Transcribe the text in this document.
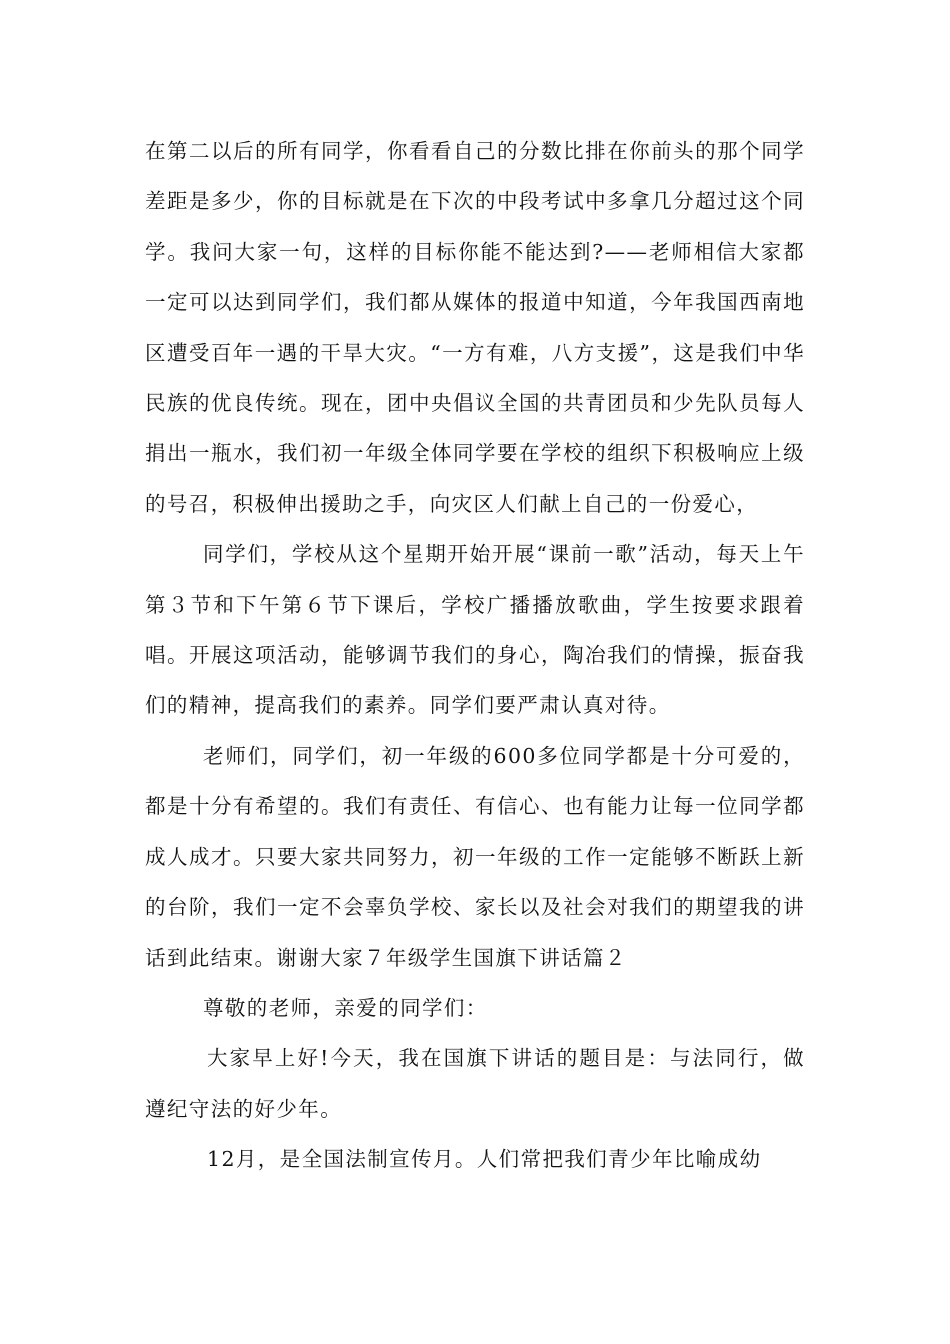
在第二以后的所有同学，你看看自己的分数比排在你前头的那个同学差距是多少，你的目标就是在下次的中段考试中多拿几分超过这个同学。我问大家一句，这样的目标你能不能达到?——老师相信大家都一定可以达到同学们，我们都从媒体的报道中知道，今年我国西南地区遭受百年一遇的干旱大灾。“一方有难，八方支援”，这是我们中华民族的优良传统。现在，团中央倡议全国的共青团员和少先队员每人捐出一瓶水，我们初一年级全体同学要在学校的组织下积极响应上级的号召，积极伸出援助之手，向灾区人们献上自己的一份爱心，

同学们，学校从这个星期开始开展“课前一歌”活动，每天上午第３节和下午第６节下课后，学校广播播放歌曲，学生按要求跟着唱。开展这项活动，能够调节我们的身心，陶冶我们的情操，振奋我们的精神，提高我们的素养。同学们要严肃认真对待。

老师们，同学们，初一年级的600多位同学都是十分可爱的，都是十分有希望的。我们有责任、有信心、也有能力让每一位同学都成人成才。只要大家共同努力，初一年级的工作一定能够不断跃上新的台阶，我们一定不会辜负学校、家长以及社会对我们的期望我的讲话到此结束。谢谢大家７年级学生国旗下讲话篇２

尊敬的老师，亲爱的同学们：

大家早上好!今天，我在国旗下讲话的题目是：与法同行，做遵纪守法的好少年。

12月，是全国法制宣传月。人们常把我们青少年比喻成幼
